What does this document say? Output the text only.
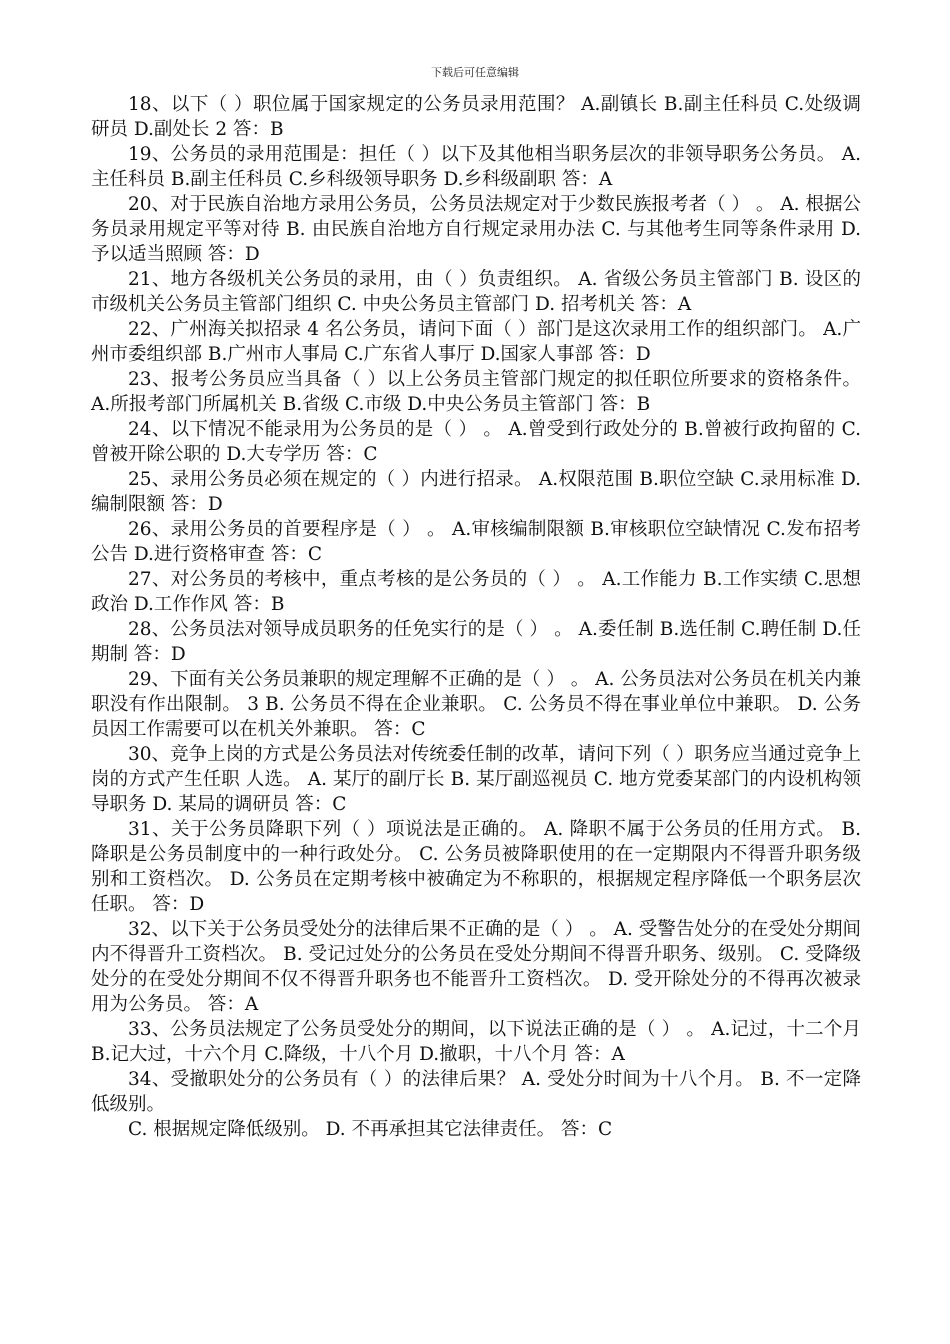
下载后可任意编辑

18、以下（ ）职位属于国家规定的公务员录用范围？ A.副镇长 B.副主任科员 C.处级调研员 D.副处长 2 答：B

19、公务员的录用范围是：担任（ ）以下及其他相当职务层次的非领导职务公务员。 A.主任科员 B.副主任科员 C.乡科级领导职务 D.乡科级副职 答：A

20、对于民族自治地方录用公务员，公务员法规定对于少数民族报考者（ ） 。 A. 根据公务员录用规定平等对待 B. 由民族自治地方自行规定录用办法 C. 与其他考生同等条件录用 D. 予以适当照顾 答：D

21、地方各级机关公务员的录用，由（ ）负责组织。 A. 省级公务员主管部门 B. 设区的市级机关公务员主管部门组织 C. 中央公务员主管部门 D. 招考机关 答：A

22、广州海关拟招录 4 名公务员，请问下面（ ）部门是这次录用工作的组织部门。 A.广州市委组织部 B.广州市人事局 C.广东省人事厅 D.国家人事部 答：D

23、报考公务员应当具备（ ）以上公务员主管部门规定的拟任职位所要求的资格条件。 A.所报考部门所属机关 B.省级 C.市级 D.中央公务员主管部门 答：B

24、以下情况不能录用为公务员的是（ ） 。 A.曾受到行政处分的 B.曾被行政拘留的 C.曾被开除公职的 D.大专学历 答：C

25、录用公务员必须在规定的（ ）内进行招录。 A.权限范围 B.职位空缺 C.录用标准 D.编制限额 答：D

26、录用公务员的首要程序是（ ） 。 A.审核编制限额 B.审核职位空缺情况 C.发布招考公告 D.进行资格审查 答：C

27、对公务员的考核中，重点考核的是公务员的（ ） 。 A.工作能力 B.工作实绩 C.思想政治 D.工作作风 答：B

28、公务员法对领导成员职务的任免实行的是（ ） 。 A.委任制 B.选任制 C.聘任制 D.任期制 答：D

29、下面有关公务员兼职的规定理解不正确的是（ ） 。 A. 公务员法对公务员在机关内兼职没有作出限制。 3 B. 公务员不得在企业兼职。 C. 公务员不得在事业单位中兼职。 D. 公务员因工作需要可以在机关外兼职。 答：C

30、竞争上岗的方式是公务员法对传统委任制的改革，请问下列（ ）职务应当通过竞争上岗的方式产生任职 人选。 A. 某厅的副厅长 B. 某厅副巡视员 C. 地方党委某部门的内设机构领导职务 D. 某局的调研员 答：C

31、关于公务员降职下列（ ）项说法是正确的。 A. 降职不属于公务员的任用方式。 B. 降职是公务员制度中的一种行政处分。 C. 公务员被降职使用的在一定期限内不得晋升职务级别和工资档次。 D. 公务员在定期考核中被确定为不称职的，根据规定程序降低一个职务层次任职。 答：D

32、以下关于公务员受处分的法律后果不正确的是（ ） 。 A. 受警告处分的在受处分期间内不得晋升工资档次。 B. 受记过处分的公务员在受处分期间不得晋升职务、级别。 C. 受降级处分的在受处分期间不仅不得晋升职务也不能晋升工资档次。 D. 受开除处分的不得再次被录用为公务员。 答：A

33、公务员法规定了公务员受处分的期间，以下说法正确的是（ ） 。 A.记过，十二个月 B.记大过，十六个月 C.降级，十八个月 D.撤职，十八个月 答：A

34、受撤职处分的公务员有（ ）的法律后果？ A. 受处分时间为十八个月。 B. 不一定降低级别。

C. 根据规定降低级别。 D. 不再承担其它法律责任。 答：C
